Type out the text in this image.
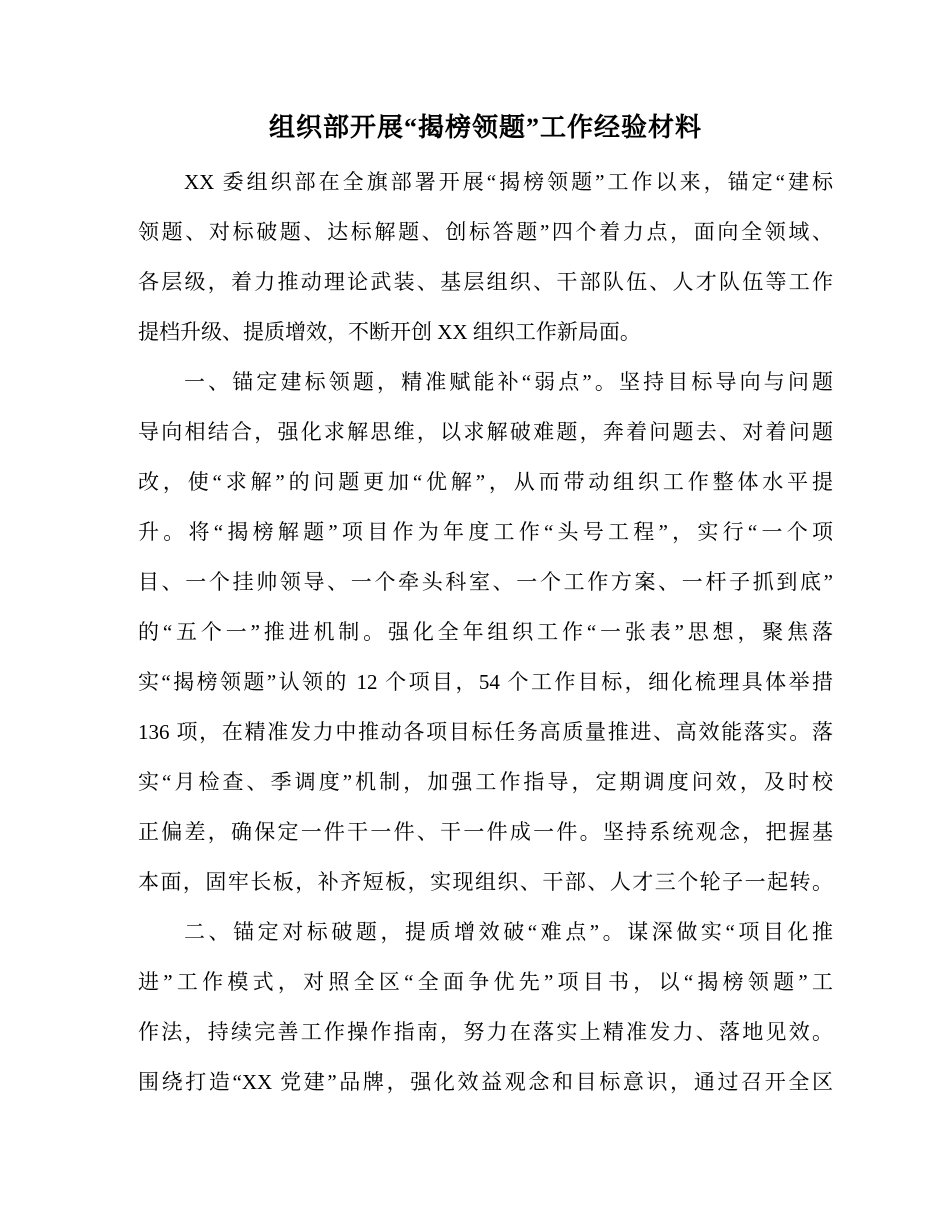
组织部开展“揭榜领题”工作经验材料
XX 委组织部在全旗部署开展“揭榜领题”工作以来，锚定“建标
领题、对标破题、达标解题、创标答题”四个着力点，面向全领域、
各层级，着力推动理论武装、基层组织、干部队伍、人才队伍等工作
提档升级、提质增效，不断开创 XX 组织工作新局面。
一、锚定建标领题，精准赋能补“弱点”。坚持目标导向与问题
导向相结合，强化求解思维，以求解破难题，奔着问题去、对着问题
改，使“求解”的问题更加“优解”，从而带动组织工作整体水平提
升。将“揭榜解题”项目作为年度工作“头号工程”，实行“一个项
目、一个挂帅领导、一个牵头科室、一个工作方案、一杆子抓到底”
的“五个一”推进机制。强化全年组织工作“一张表”思想，聚焦落
实“揭榜领题”认领的 12 个项目，54 个工作目标，细化梳理具体举措
136 项，在精准发力中推动各项目标任务高质量推进、高效能落实。落
实“月检查、季调度”机制，加强工作指导，定期调度问效，及时校
正偏差，确保定一件干一件、干一件成一件。坚持系统观念，把握基
本面，固牢长板，补齐短板，实现组织、干部、人才三个轮子一起转。
二、锚定对标破题，提质增效破“难点”。谋深做实“项目化推
进”工作模式，对照全区“全面争优先”项目书，以“揭榜领题”工
作法，持续完善工作操作指南，努力在落实上精准发力、落地见效。
围绕打造“XX 党建”品牌，强化效益观念和目标意识，通过召开全区
